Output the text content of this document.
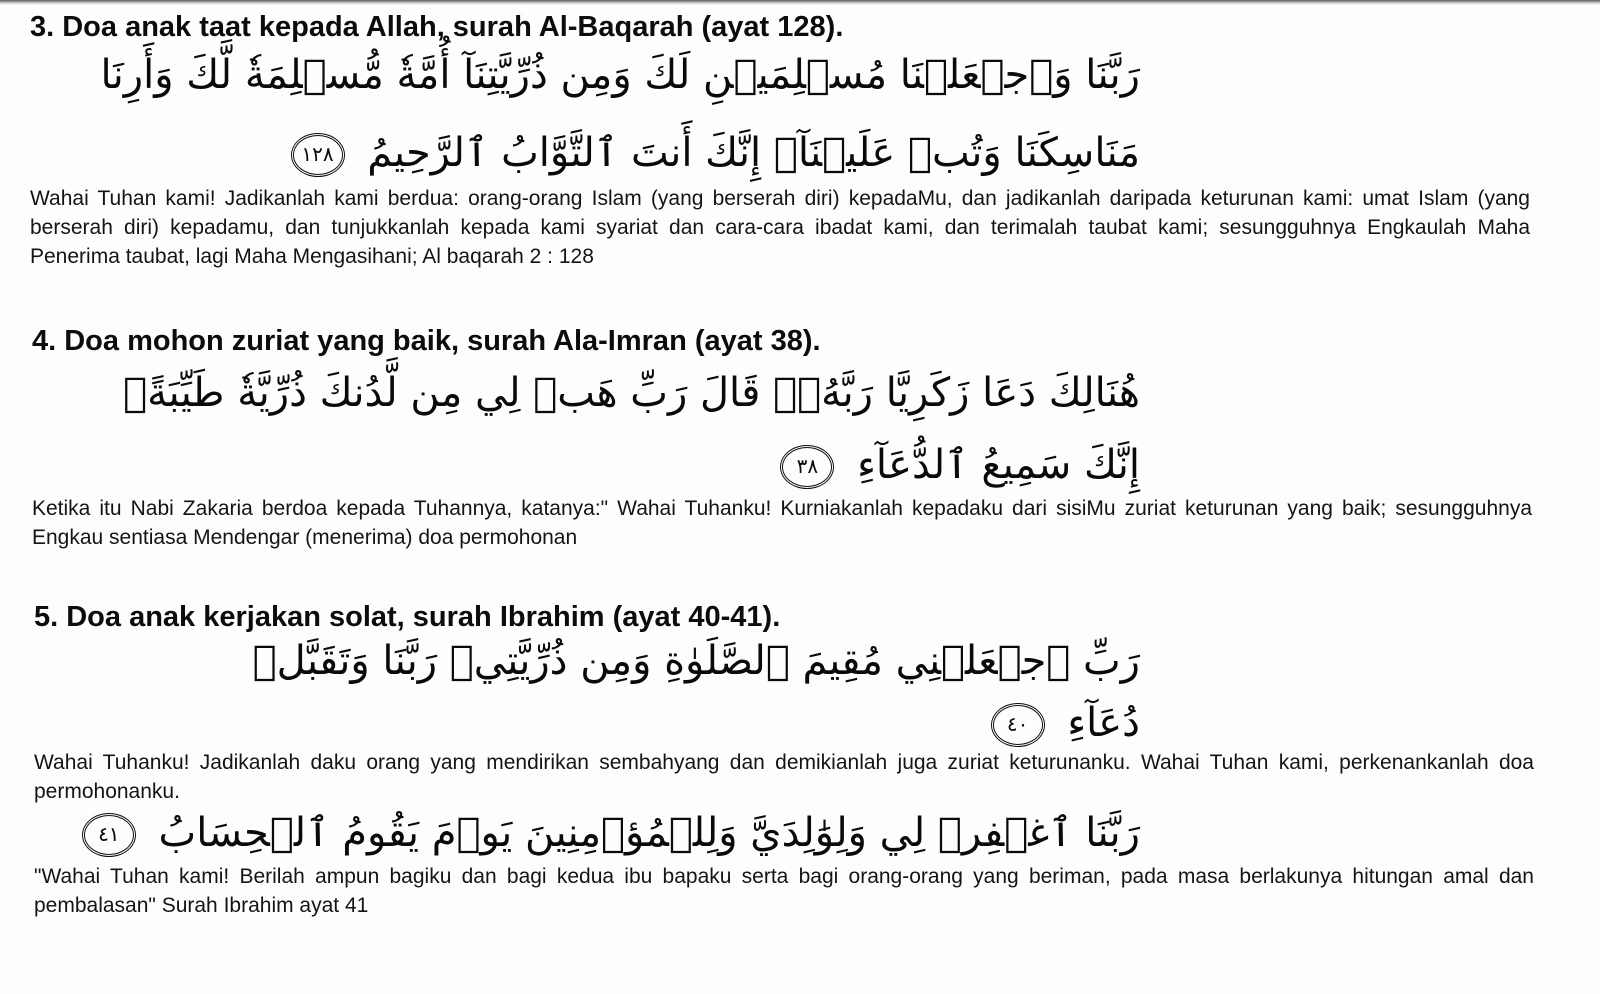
3. Doa anak taat kepada Allah, surah Al-Baqarah (ayat 128).
رَبَّنَا وَٱجۡعَلۡنَا مُسۡلِمَيۡنِ لَكَ وَمِن ذُرِّيَّتِنَآ أُمَّةٗ مُّسۡلِمَةٗ لَّكَ وَأَرِنَا
مَنَاسِكَنَا وَتُبۡ عَلَيۡنَآۖ إِنَّكَ أَنتَ ٱلتَّوَّابُ ٱلرَّحِيمُ ١٢٨
Wahai Tuhan kami! Jadikanlah kami berdua: orang-orang Islam (yang berserah diri) kepadaMu, dan jadikanlah daripada keturunan kami: umat Islam (yang berserah diri) kepadamu, dan tunjukkanlah kepada kami syariat dan cara-cara ibadat kami, dan terimalah taubat kami; sesungguhnya Engkaulah Maha Penerima taubat, lagi Maha Mengasihani; Al baqarah 2 : 128
4. Doa mohon zuriat yang baik, surah Ala-Imran (ayat 38).
هُنَالِكَ دَعَا زَكَرِيَّا رَبَّهُۥۖ قَالَ رَبِّ هَبۡ لِي مِن لَّدُنكَ ذُرِّيَّةٗ طَيِّبَةًۖ
إِنَّكَ سَمِيعُ ٱلدُّعَآءِ ٣٨
Ketika itu Nabi Zakaria berdoa kepada Tuhannya, katanya:" Wahai Tuhanku! Kurniakanlah kepadaku dari sisiMu zuriat keturunan yang baik; sesungguhnya Engkau sentiasa Mendengar (menerima) doa permohonan
5. Doa anak kerjakan solat, surah Ibrahim (ayat 40-41).
رَبِّ ٱجۡعَلۡنِي مُقِيمَ ٱلصَّلَوٰةِ وَمِن ذُرِّيَّتِيۚ رَبَّنَا وَتَقَبَّلۡ
دُعَآءِ ٤٠
Wahai Tuhanku! Jadikanlah daku orang yang mendirikan sembahyang dan demikianlah juga zuriat keturunanku. Wahai Tuhan kami, perkenankanlah doa permohonanku.
رَبَّنَا ٱغۡفِرۡ لِي وَلِوَٰلِدَيَّ وَلِلۡمُؤۡمِنِينَ يَوۡمَ يَقُومُ ٱلۡحِسَابُ ٤١
"Wahai Tuhan kami! Berilah ampun bagiku dan bagi kedua ibu bapaku serta bagi orang-orang yang beriman, pada masa berlakunya hitungan amal dan pembalasan" Surah Ibrahim ayat 41
